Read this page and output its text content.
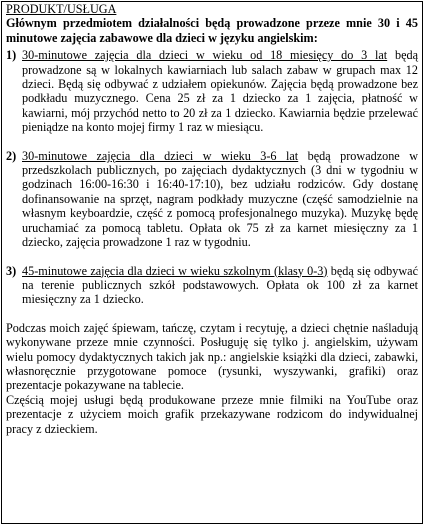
PRODUKT/USŁUGA

Głównym przedmiotem działalności będą prowadzone przeze mnie 30 i 45 minutowe zajęcia zabawowe dla dzieci w języku angielskim:

1) 30-minutowe zajęcia dla dzieci w wieku od 18 miesięcy do 3 lat będą prowadzone są w lokalnych kawiarniach lub salach zabaw w grupach max 12 dzieci. Będą się odbywać z udziałem opiekunów. Zajęcia będą prowadzone bez podkładu muzycznego. Cena 25 zł za 1 dziecko za 1 zajęcia, płatność w kawiarni, mój przychód netto to 20 zł za 1 dziecko. Kawiarnia będzie przelewać pieniądze na konto mojej firmy 1 raz w miesiącu.
2) 30-minutowe zajęcia dla dzieci w wieku 3-6 lat będą prowadzone w przedszkolach publicznych, po zajęciach dydaktycznych (3 dni w tygodniu w godzinach 16:00-16:30 i 16:40-17:10), bez udziału rodziców. Gdy dostanę dofinansowanie na sprzęt, nagram podkłady muzyczne (część samodzielnie na własnym keyboardzie, część z pomocą profesjonalnego muzyka). Muzykę będę uruchamiać za pomocą tabletu. Opłata ok 75 zł za karnet miesięczny za 1 dziecko, zajęcia prowadzone 1 raz w tygodniu.
3) 45-minutowe zajęcia dla dzieci w wieku szkolnym (klasy 0-3) będą się odbywać na terenie publicznych szkół podstawowych. Opłata ok 100 zł za karnet miesięczny za 1 dziecko.

Podczas moich zajęć śpiewam, tańczę, czytam i recytuję, a dzieci chętnie naśladują wykonywane przeze mnie czynności. Posługuję się tylko j. angielskim, używam wielu pomocy dydaktycznych takich jak np.: angielskie książki dla dzieci, zabawki, własnoręcznie przygotowane pomoce (rysunki, wyszywanki, grafiki) oraz prezentacje pokazywane na tablecie.

Częścią mojej usługi będą produkowane przeze mnie filmiki na YouTube oraz prezentacje z użyciem moich grafik przekazywane rodzicom do indywidualnej pracy z dzieckiem.
